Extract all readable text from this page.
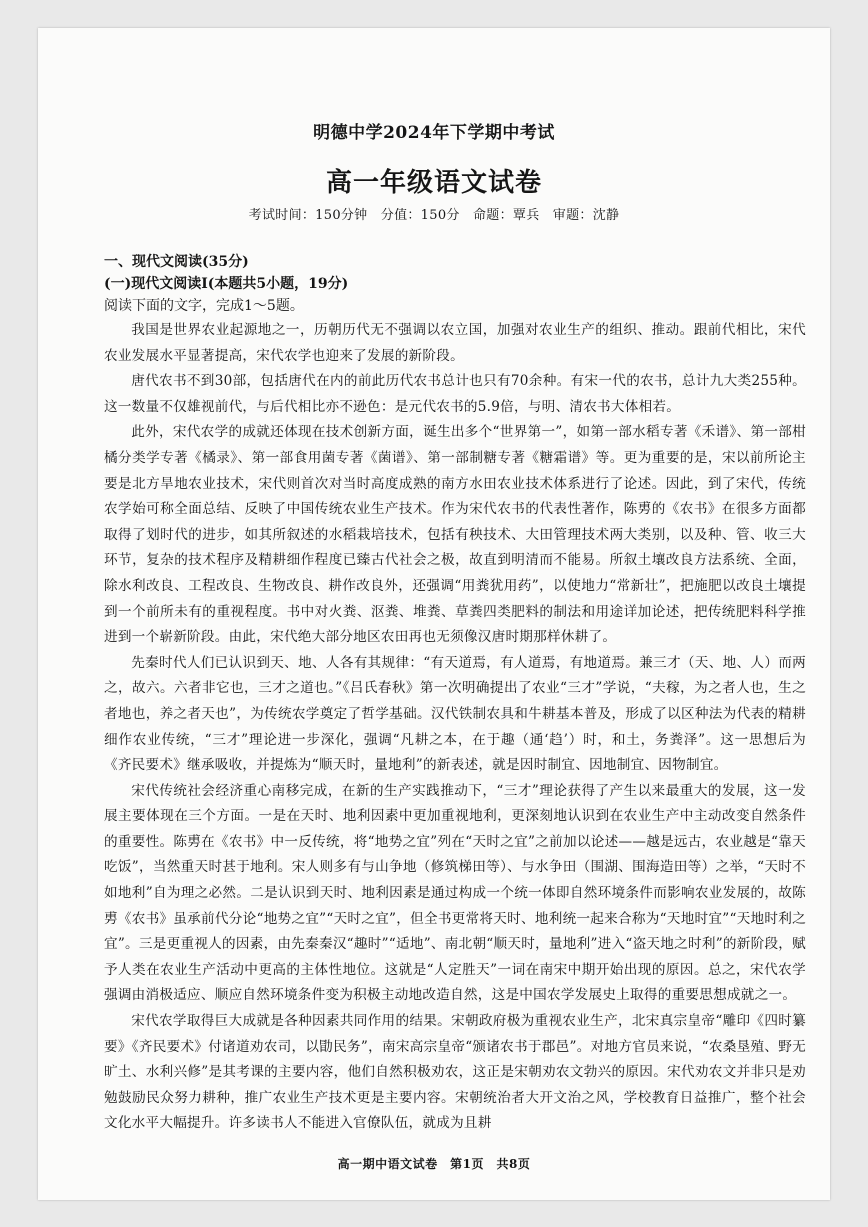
明德中学2024年下学期中考试
高一年级语文试卷
考试时间：150分钟　分值：150分　命题：覃兵　审题：沈静
一、现代文阅读(35分)
(一)现代文阅读Ⅰ(本题共5小题，19分)
阅读下面的文字，完成1～5题。

我国是世界农业起源地之一，历朝历代无不强调以农立国，加强对农业生产的组织、推动。跟前代相比，宋代农业发展水平显著提高，宋代农学也迎来了发展的新阶段。

唐代农书不到30部，包括唐代在内的前此历代农书总计也只有70余种。有宋一代的农书，总计九大类255种。这一数量不仅雄视前代，与后代相比亦不逊色：是元代农书的5.9倍，与明、清农书大体相若。

此外，宋代农学的成就还体现在技术创新方面，诞生出多个“世界第一”，如第一部水稻专著《禾谱》、第一部柑橘分类学专著《橘录》、第一部食用菌专著《菌谱》、第一部制糖专著《糖霜谱》等。更为重要的是，宋以前所论主要是北方旱地农业技术，宋代则首次对当时高度成熟的南方水田农业技术体系进行了论述。因此，到了宋代，传统农学始可称全面总结、反映了中国传统农业生产技术。作为宋代农书的代表性著作，陈旉的《农书》在很多方面都取得了划时代的进步，如其所叙述的水稻栽培技术，包括有秧技术、大田管理技术两大类别，以及种、管、收三大环节，复杂的技术程序及精耕细作程度已臻古代社会之极，故直到明清而不能易。所叙土壤改良方法系统、全面，除水利改良、工程改良、生物改良、耕作改良外，还强调“用粪犹用药”，以使地力“常新壮”，把施肥以改良土壤提到一个前所未有的重视程度。书中对火粪、沤粪、堆粪、草粪四类肥料的制法和用途详加论述，把传统肥料科学推进到一个崭新阶段。由此，宋代绝大部分地区农田再也无须像汉唐时期那样休耕了。

先秦时代人们已认识到天、地、人各有其规律：“有天道焉，有人道焉，有地道焉。兼三才（天、地、人）而两之，故六。六者非它也，三才之道也。”《吕氏春秋》第一次明确提出了农业“三才”学说，“夫稼，为之者人也，生之者地也，养之者天也”，为传统农学奠定了哲学基础。汉代铁制农具和牛耕基本普及，形成了以区种法为代表的精耕细作农业传统，“三才”理论进一步深化，强调“凡耕之本，在于趣（通‘趋’）时，和土，务粪泽”。这一思想后为《齐民要术》继承吸收，并提炼为“顺天时，量地利”的新表述，就是因时制宜、因地制宜、因物制宜。

宋代传统社会经济重心南移完成，在新的生产实践推动下，“三才”理论获得了产生以来最重大的发展，这一发展主要体现在三个方面。一是在天时、地利因素中更加重视地利，更深刻地认识到在农业生产中主动改变自然条件的重要性。陈旉在《农书》中一反传统，将“地势之宜”列在“天时之宜”之前加以论述——越是远古，农业越是“靠天吃饭”，当然重天时甚于地利。宋人则多有与山争地（修筑梯田等）、与水争田（围湖、围海造田等）之举，“天时不如地利”自为理之必然。二是认识到天时、地利因素是通过构成一个统一体即自然环境条件而影响农业发展的，故陈旉《农书》虽承前代分论“地势之宜”“天时之宜”，但全书更常将天时、地利统一起来合称为“天地时宜”“天地时利之宜”。三是更重视人的因素，由先秦秦汉“趣时”“适地”、南北朝“顺天时，量地利”进入“盗天地之时利”的新阶段，赋予人类在农业生产活动中更高的主体性地位。这就是“人定胜天”一词在南宋中期开始出现的原因。总之，宋代农学强调由消极适应、顺应自然环境条件变为积极主动地改造自然，这是中国农学发展史上取得的重要思想成就之一。

宋代农学取得巨大成就是各种因素共同作用的结果。宋朝政府极为重视农业生产，北宋真宗皇帝“雕印《四时纂要》《齐民要术》付诸道劝农司，以勖民务”，南宋高宗皇帝“颁诸农书于郡邑”。对地方官员来说，“农桑垦殖、野无旷土、水利兴修”是其考课的主要内容，他们自然积极劝农，这正是宋朝劝农文勃兴的原因。宋代劝农文并非只是劝勉鼓励民众努力耕种，推广农业生产技术更是主要内容。宋朝统治者大开文治之风，学校教育日益推广，整个社会文化水平大幅提升。许多读书人不能进入官僚队伍，就成为且耕

高一期中语文试卷　第1页　共8页
